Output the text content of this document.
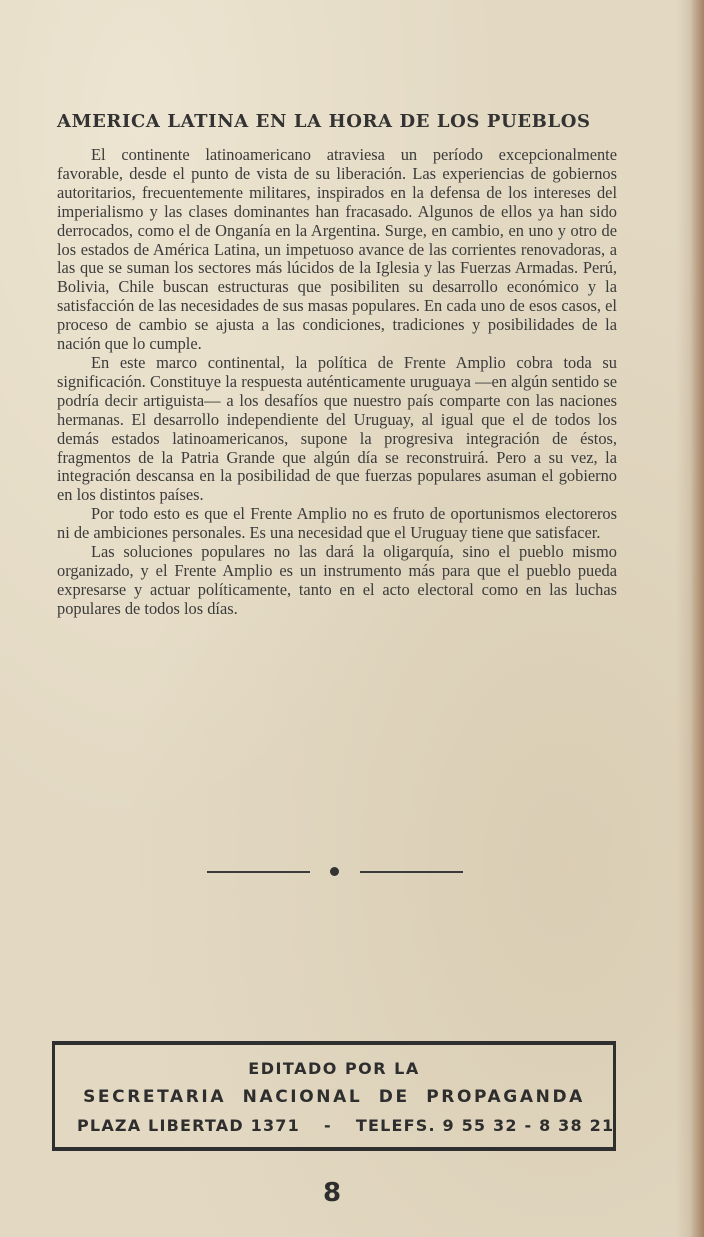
AMERICA LATINA EN LA HORA DE LOS PUEBLOS

El continente latinoamericano atraviesa un período excepcionalmente favorable, desde el punto de vista de su liberación. Las experiencias de gobiernos autoritarios, frecuentemente militares, inspirados en la defensa de los intereses del imperialismo y las clases dominantes han fracasado. Algunos de ellos ya han sido derrocados, como el de Onganía en la Argentina. Surge, en cambio, en uno y otro de los estados de América Latina, un impetuoso avance de las corrientes renovadoras, a las que se suman los sectores más lúcidos de la Iglesia y las Fuerzas Armadas. Perú, Bolivia, Chile buscan estructuras que posibiliten su desarrollo económico y la satisfacción de las necesidades de sus masas populares. En cada uno de esos casos, el proceso de cambio se ajusta a las condiciones, tradiciones y posibilidades de la nación que lo cumple.

En este marco continental, la política de Frente Amplio cobra toda su significación. Constituye la respuesta auténticamente uruguaya —en algún sentido se podría decir artiguista— a los desafíos que nuestro país comparte con las naciones hermanas. El desarrollo independiente del Uruguay, al igual que el de todos los demás estados latinoamericanos, supone la progresiva integración de éstos, fragmentos de la Patria Grande que algún día se reconstruirá. Pero a su vez, la integración descansa en la posibilidad de que fuerzas populares asuman el gobierno en los distintos países.

Por todo esto es que el Frente Amplio no es fruto de oportunismos electoreros ni de ambiciones personales. Es una necesidad que el Uruguay tiene que satisfacer.

Las soluciones populares no las dará la oligarquía, sino el pueblo mismo organizado, y el Frente Amplio es un instrumento más para que el pueblo pueda expresarse y actuar políticamente, tanto en el acto electoral como en las luchas populares de todos los días.

EDITADO POR LA
SECRETARIA NACIONAL DE PROPAGANDA
PLAZA LIBERTAD 1371 - TELEFS. 9 55 32 - 8 38 21
8
